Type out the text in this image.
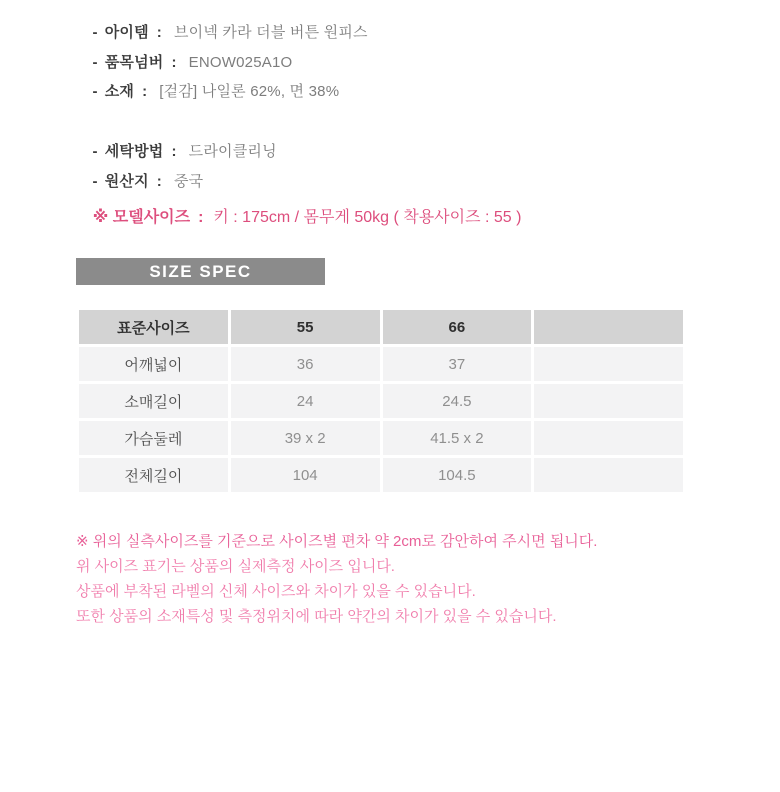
- 아이템 : 브이넥 카라 더블 버튼 원피스

- 품목넘버 : ENOW025A1O

- 소재 : [겉감] 나일론 62%, 면 38%

- 세탁방법 : 드라이클리닝

- 원산지 : 중국

※ 모델사이즈 : 키 : 175cm / 몸무게 50kg ( 착용사이즈 : 55 )

SIZE SPEC
표준사이즈	55	66
어깨넓이	36	37
소매길이	24	24.5
가슴둘레	39 x 2	41.5 x 2
전체길이	104	104.5
※ 위의 실측사이즈를 기준으로 사이즈별 편차 약 2cm로 감안하여 주시면 됩니다.
위 사이즈 표기는 상품의 실제측정 사이즈 입니다.
상품에 부착된 라벨의 신체 사이즈와 차이가 있을 수 있습니다.
또한 상품의 소재특성 및 측정위치에 따라 약간의 차이가 있을 수 있습니다.
